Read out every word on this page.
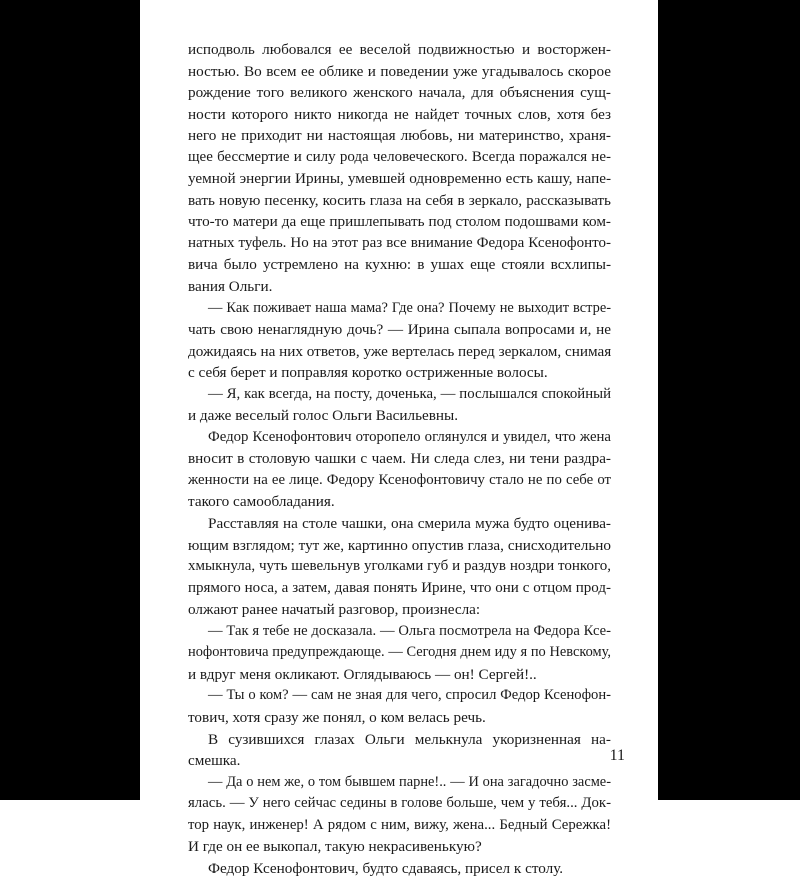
исподволь любовался ее веселой подвижностью и восторжен-
ностью. Во всем ее облике и поведении уже угадывалось скорое
рождение того великого женского начала, для объяснения сущ-
ности которого никто никогда не найдет точных слов, хотя без
него не приходит ни настоящая любовь, ни материнство, храня-
щее бессмертие и силу рода человеческого. Всегда поражался не-
уемной энергии Ирины, умевшей одновременно есть кашу, напе-
вать новую песенку, косить глаза на себя в зеркало, рассказывать
что-то матери да еще пришлепывать под столом подошвами ком-
натных туфель. Но на этот раз все внимание Федора Ксенофонто-
вича было устремлено на кухню: в ушах еще стояли всхлипы-
вания Ольги.
— Как поживает наша мама? Где она? Почему не выходит встре-
чать свою ненаглядную дочь? — Ирина сыпала вопросами и, не
дожидаясь на них ответов, уже вертелась перед зеркалом, снимая
с себя берет и поправляя коротко остриженные волосы.
— Я, как всегда, на посту, доченька, — послышался спокойный
и даже веселый голос Ольги Васильевны.
Федор Ксенофонтович оторопело оглянулся и увидел, что жена
вносит в столовую чашки с чаем. Ни следа слез, ни тени раздра-
женности на ее лице. Федору Ксенофонтовичу стало не по себе от
такого самообладания.
Расставляя на столе чашки, она смерила мужа будто оценива-
ющим взглядом; тут же, картинно опустив глаза, снисходительно
хмыкнула, чуть шевельнув уголками губ и раздув ноздри тонкого,
прямого носа, а затем, давая понять Ирине, что они с отцом прод-
олжают ранее начатый разговор, произнесла:
— Так я тебе не досказала. — Ольга посмотрела на Федора Ксе-
нофонтовича предупреждающе. — Сегодня днем иду я по Невскому,
и вдруг меня окликают. Оглядываюсь — он! Сергей!..
— Ты о ком? — сам не зная для чего, спросил Федор Ксенофон-
тович, хотя сразу же понял, о ком велась речь.
В сузившихся глазах Ольги мелькнула укоризненная на-
смешка.
— Да о нем же, о том бывшем парне!.. — И она загадочно засме-
ялась. — У него сейчас седины в голове больше, чем у тебя... Док-
тор наук, инженер! А рядом с ним, вижу, жена... Бедный Сережка!
И где он ее выкопал, такую некрасивенькую?
Федор Ксенофонтович, будто сдаваясь, присел к столу.
11
